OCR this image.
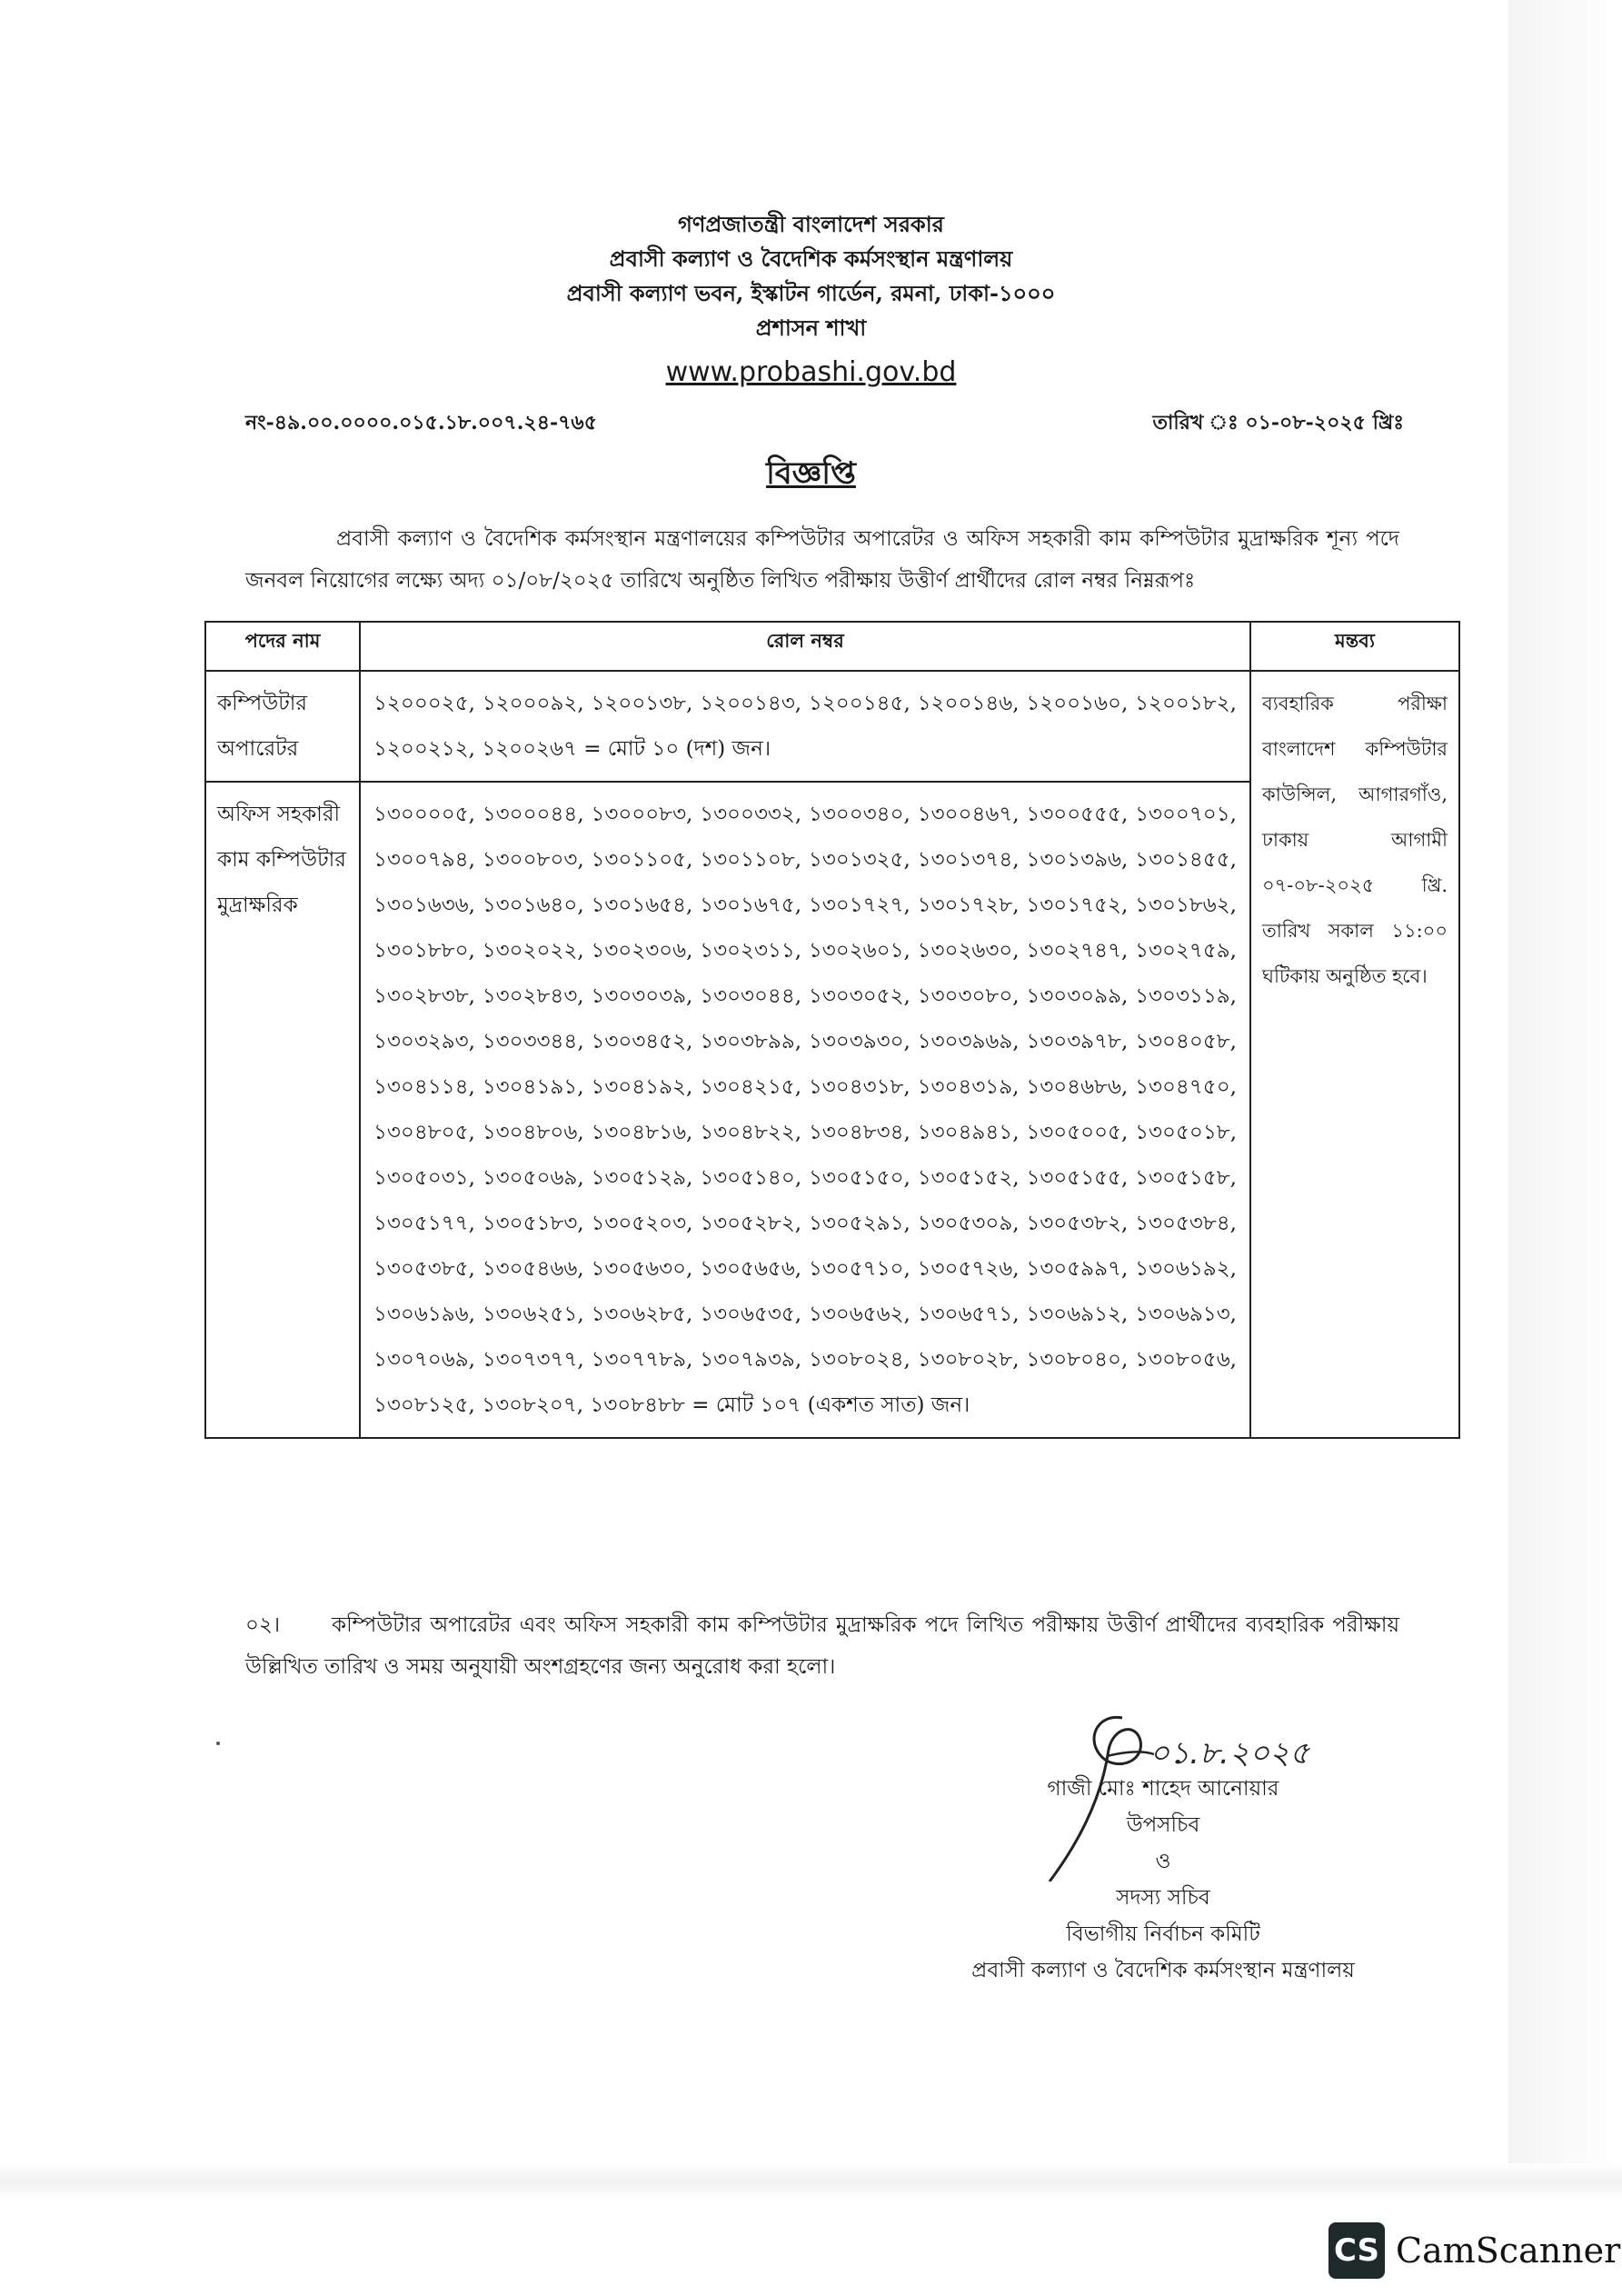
গণপ্রজাতন্ত্রী বাংলাদেশ সরকার
প্রবাসী কল্যাণ ও বৈদেশিক কর্মসংস্থান মন্ত্রণালয়
প্রবাসী কল্যাণ ভবন, ইস্কাটন গার্ডেন, রমনা, ঢাকা-১০০০
প্রশাসন শাখা
www.probashi.gov.bd
নং-৪৯.০০.০০০০.০১৫.১৮.০০৭.২৪-৭৬৫	তারিখ ঃ ০১-০৮-২০২৫ খ্রিঃ
বিজ্ঞপ্তি
প্রবাসী কল্যাণ ও বৈদেশিক কর্মসংস্থান মন্ত্রণালয়ের কম্পিউটার অপারেটর ও অফিস সহকারী কাম কম্পিউটার মুদ্রাক্ষরিক শূন্য পদে জনবল নিয়োগের লক্ষ্যে অদ্য ০১/০৮/২০২৫ তারিখে অনুষ্ঠিত লিখিত পরীক্ষায় উত্তীর্ণ প্রার্থীদের রোল নম্বর নিম্নরূপঃ
পদের নাম	রোল নম্বর	মন্তব্য
কম্পিউটার অপারেটর	১২০০০২৫, ১২০০০৯২, ১২০০১৩৮, ১২০০১৪৩, ১২০০১৪৫, ১২০০১৪৬, ১২০০১৬০, ১২০০১৮২, ১২০০২১২, ১২০০২৬৭ = মোট ১০ (দশ) জন।	ব্যবহারিক পরীক্ষা বাংলাদেশ কম্পিউটার কাউন্সিল, আগারগাঁও, ঢাকায় আগামী ০৭-০৮-২০২৫ খ্রি. তারিখ সকাল ১১:০০ ঘটিকায় অনুষ্ঠিত হবে।
অফিস সহকারী কাম কম্পিউটার মুদ্রাক্ষরিক	১৩০০০০৫, ১৩০০০৪৪, ১৩০০০৮৩, ১৩০০৩৩২, ১৩০০৩৪০, ১৩০০৪৬৭, ১৩০০৫৫৫, ১৩০০৭০১, ১৩০০৭৯৪, ১৩০০৮০৩, ১৩০১১০৫, ১৩০১১০৮, ১৩০১৩২৫, ১৩০১৩৭৪, ১৩০১৩৯৬, ১৩০১৪৫৫, ১৩০১৬৩৬, ১৩০১৬৪০, ১৩০১৬৫৪, ১৩০১৬৭৫, ১৩০১৭২৭, ১৩০১৭২৮, ১৩০১৭৫২, ১৩০১৮৬২, ১৩০১৮৮০, ১৩০২০২২, ১৩০২৩০৬, ১৩০২৩১১, ১৩০২৬০১, ১৩০২৬৩০, ১৩০২৭৪৭, ১৩০২৭৫৯, ১৩০২৮৩৮, ১৩০২৮৪৩, ১৩০৩০৩৯, ১৩০৩০৪৪, ১৩০৩০৫২, ১৩০৩০৮০, ১৩০৩০৯৯, ১৩০৩১১৯, ১৩০৩২৯৩, ১৩০৩৩৪৪, ১৩০৩৪৫২, ১৩০৩৮৯৯, ১৩০৩৯৩০, ১৩০৩৯৬৯, ১৩০৩৯৭৮, ১৩০৪০৫৮, ১৩০৪১১৪, ১৩০৪১৯১, ১৩০৪১৯২, ১৩০৪২১৫, ১৩০৪৩১৮, ১৩০৪৩১৯, ১৩০৪৬৮৬, ১৩০৪৭৫০, ১৩০৪৮০৫, ১৩০৪৮০৬, ১৩০৪৮১৬, ১৩০৪৮২২, ১৩০৪৮৩৪, ১৩০৪৯৪১, ১৩০৫০০৫, ১৩০৫০১৮, ১৩০৫০৩১, ১৩০৫০৬৯, ১৩০৫১২৯, ১৩০৫১৪০, ১৩০৫১৫০, ১৩০৫১৫২, ১৩০৫১৫৫, ১৩০৫১৫৮, ১৩০৫১৭৭, ১৩০৫১৮৩, ১৩০৫২০৩, ১৩০৫২৮২, ১৩০৫২৯১, ১৩০৫৩০৯, ১৩০৫৩৮২, ১৩০৫৩৮৪, ১৩০৫৩৮৫, ১৩০৫৪৬৬, ১৩০৫৬৩০, ১৩০৫৬৫৬, ১৩০৫৭১০, ১৩০৫৭২৬, ১৩০৫৯৯৭, ১৩০৬১৯২, ১৩০৬১৯৬, ১৩০৬২৫১, ১৩০৬২৮৫, ১৩০৬৫৩৫, ১৩০৬৫৬২, ১৩০৬৫৭১, ১৩০৬৯১২, ১৩০৬৯১৩, ১৩০৭০৬৯, ১৩০৭৩৭৭, ১৩০৭৭৮৯, ১৩০৭৯৩৯, ১৩০৮০২৪, ১৩০৮০২৮, ১৩০৮০৪০, ১৩০৮০৫৬, ১৩০৮১২৫, ১৩০৮২০৭, ১৩০৮৪৮৮ = মোট ১০৭ (একশত সাত) জন।	
০২। কম্পিউটার অপারেটর এবং অফিস সহকারী কাম কম্পিউটার মুদ্রাক্ষরিক পদে লিখিত পরীক্ষায় উত্তীর্ণ প্রার্থীদের ব্যবহারিক পরীক্ষায় উল্লিখিত তারিখ ও সময় অনুযায়ী অংশগ্রহণের জন্য অনুরোধ করা হলো।
০১.৮.২০২৫
গাজী মোঃ শাহেদ আনোয়ার
উপসচিব
ও
সদস্য সচিব
বিভাগীয় নির্বাচন কমিটি
প্রবাসী কল্যাণ ও বৈদেশিক কর্মসংস্থান মন্ত্রণালয়
CS CamScanner
